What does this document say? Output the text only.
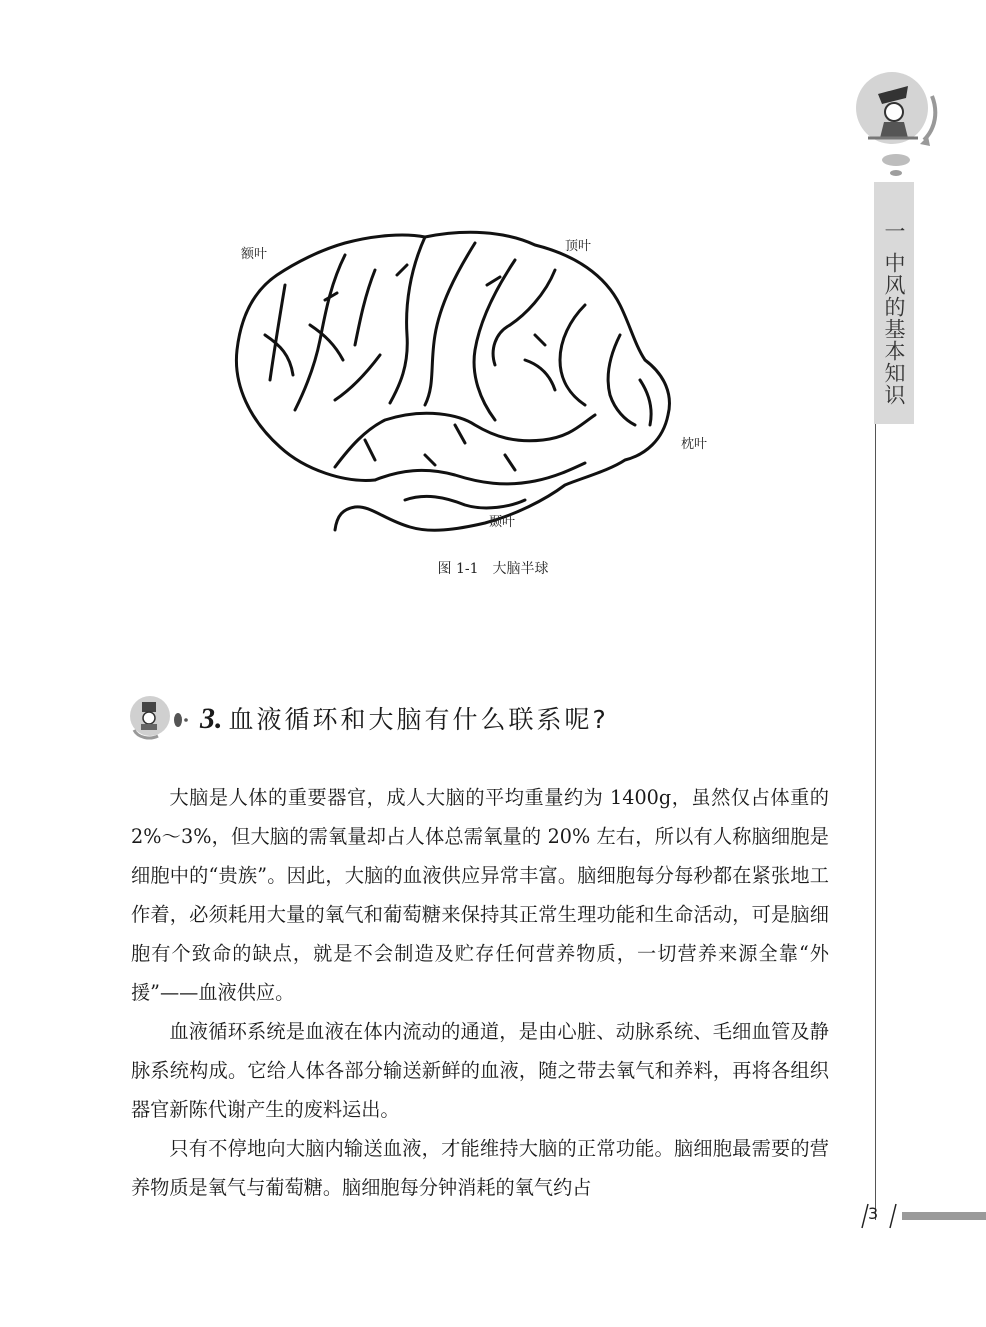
额叶
顶叶
枕叶
颞叶
图 1-1 大脑半球
一
中风的基本知识
3. 血液循环和大脑有什么联系呢?

大脑是人体的重要器官，成人大脑的平均重量约为 1400g，虽然仅占体重的 2%～3%，但大脑的需氧量却占人体总需氧量的 20% 左右，所以有人称脑细胞是细胞中的“贵族”。因此，大脑的血液供应异常丰富。脑细胞每分每秒都在紧张地工作着，必须耗用大量的氧气和葡萄糖来保持其正常生理功能和生命活动，可是脑细胞有个致命的缺点，就是不会制造及贮存任何营养物质，一切营养来源全靠“外援”——血液供应。

血液循环系统是血液在体内流动的通道，是由心脏、动脉系统、毛细血管及静脉系统构成。它给人体各部分输送新鲜的血液，随之带去氧气和养料，再将各组织器官新陈代谢产生的废料运出。

只有不停地向大脑内输送血液，才能维持大脑的正常功能。脑细胞最需要的营养物质是氧气与葡萄糖。脑细胞每分钟消耗的氧气约占

3
